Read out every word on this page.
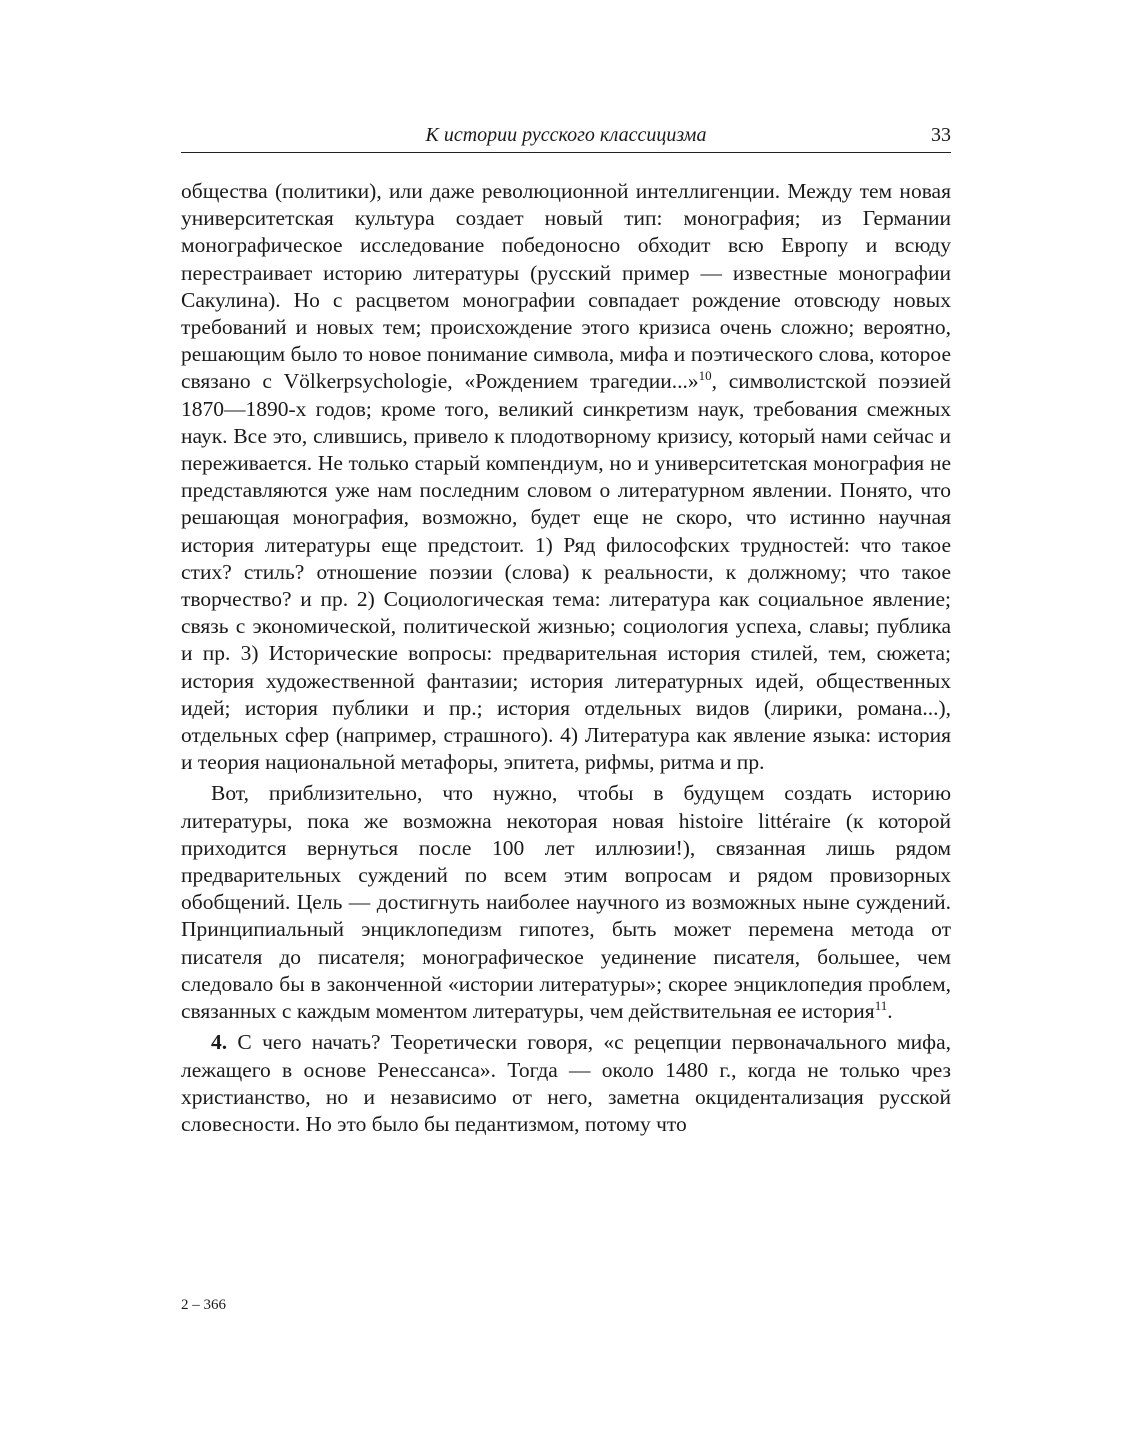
К истории русского классицизма	33

общества (политики), или даже революционной интеллигенции. Между тем новая университетская культура создает новый тип: монография; из Германии монографическое исследование победоносно обходит всю Европу и всюду перестраивает историю литературы (русский пример — известные монографии Сакулина). Но с расцветом монографии совпадает рождение отовсюду новых требований и новых тем; происхождение этого кризиса очень сложно; вероятно, решающим было то новое понимание символа, мифа и поэтического слова, которое связано с Völkerpsychologie, «Рождением трагедии...»$^{10}$, символистской поэзией 1870—1890-х годов; кроме того, великий синкретизм наук, требования смежных наук. Все это, слившись, привело к плодотворному кризису, который нами сейчас и переживается. Не только старый компендиум, но и университетская монография не представляются уже нам последним словом о литературном явлении. Понято, что решающая монография, возможно, будет еще не скоро, что истинно научная история литературы еще предстоит. 1) Ряд философских трудностей: что такое стих? стиль? отношение поэзии (слова) к реальности, к должному; что такое творчество? и пр. 2) Социологическая тема: литература как социальное явление; связь с экономической, политической жизнью; социология успеха, славы; публика и пр. 3) Исторические вопросы: предварительная история стилей, тем, сюжета; история художественной фантазии; история литературных идей, общественных идей; история публики и пр.; история отдельных видов (лирики, романа...), отдельных сфер (например, страшного). 4) Литература как явление языка: история и теория национальной метафоры, эпитета, рифмы, ритма и пр.

Вот, приблизительно, что нужно, чтобы в будущем создать историю литературы, пока же возможна некоторая новая histoire littéraire (к которой приходится вернуться после 100 лет иллюзии!), связанная лишь рядом предварительных суждений по всем этим вопросам и рядом провизорных обобщений. Цель — достигнуть наиболее научного из возможных ныне суждений. Принципиальный энциклопедизм гипотез, быть может перемена метода от писателя до писателя; монографическое уединение писателя, большее, чем следовало бы в законченной «истории литературы»; скорее энциклопедия проблем, связанных с каждым моментом литературы, чем действительная ее история$^{11}$.

4. С чего начать? Теоретически говоря, «с рецепции первоначального мифа, лежащего в основе Ренессанса». Тогда — около 1480 г., когда не только чрез христианство, но и независимо от него, заметна окцидентализация русской словесности. Но это было бы педантизмом, потому что

2 – 366
